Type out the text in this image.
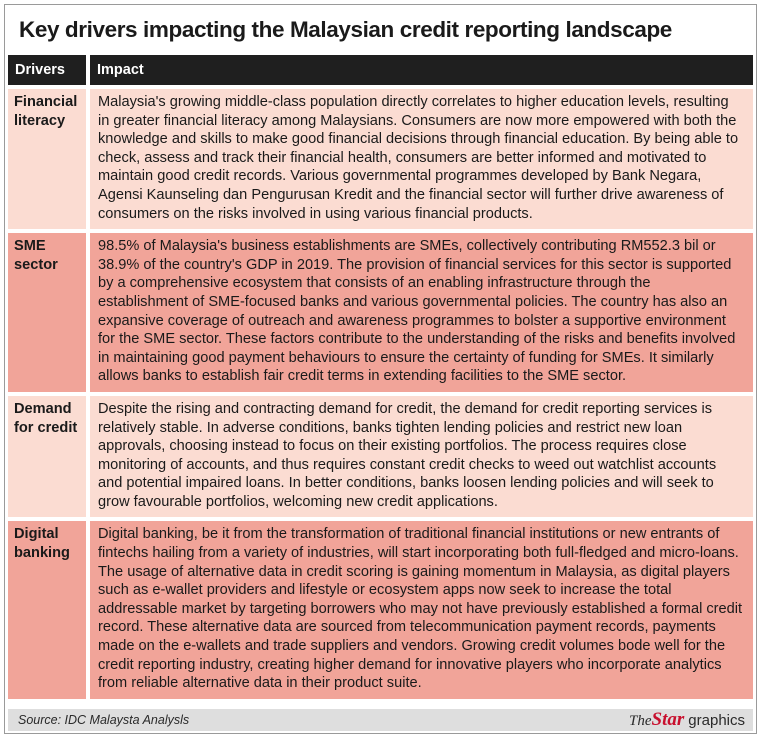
Key drivers impacting the Malaysian credit reporting landscape
Drivers	Impact
Financial literacy	Malaysia's growing middle-class population directly correlates to higher education levels, resulting in greater financial literacy among Malaysians. Consumers are now more empowered with both the knowledge and skills to make good financial decisions through financial education. By being able to check, assess and track their financial health, consumers are better informed and motivated to maintain good credit records. Various governmental programmes developed by Bank Negara, Agensi Kaunseling dan Pengurusan Kredit and the financial sector will further drive awareness of consumers on the risks involved in using various financial products.
SME sector	98.5% of Malaysia's business establishments are SMEs, collectively contributing RM552.3 bil or 38.9% of the country's GDP in 2019. The provision of financial services for this sector is supported by a comprehensive ecosystem that consists of an enabling infrastructure through the establishment of SME-focused banks and various governmental policies. The country has also an expansive coverage of outreach and awareness programmes to bolster a supportive environment for the SME sector. These factors contribute to the understanding of the risks and benefits involved in maintaining good payment behaviours to ensure the certainty of funding for SMEs. It similarly allows banks to establish fair credit terms in extending facilities to the SME sector.
Demand for credit	Despite the rising and contracting demand for credit, the demand for credit reporting services is relatively stable. In adverse conditions, banks tighten lending policies and restrict new loan approvals, choosing instead to focus on their existing portfolios. The process requires close monitoring of accounts, and thus requires constant credit checks to weed out watchlist accounts and potential impaired loans. In better conditions, banks loosen lending policies and will seek to grow favourable portfolios, welcoming new credit applications.
Digital banking	Digital banking, be it from the transformation of traditional financial institutions or new entrants of fintechs hailing from a variety of industries, will start incorporating both full-fledged and micro-loans. The usage of alternative data in credit scoring is gaining momentum in Malaysia, as digital players such as e-wallet providers and lifestyle or ecosystem apps now seek to increase the total addressable market by targeting borrowers who may not have previously established a formal credit record. These alternative data are sourced from telecommunication payment records, payments made on the e-wallets and trade suppliers and vendors. Growing credit volumes bode well for the credit reporting industry, creating higher demand for innovative players who incorporate analytics from reliable alternative data in their product suite.
Source: IDC Malaysta Analysls	The Star graphics
